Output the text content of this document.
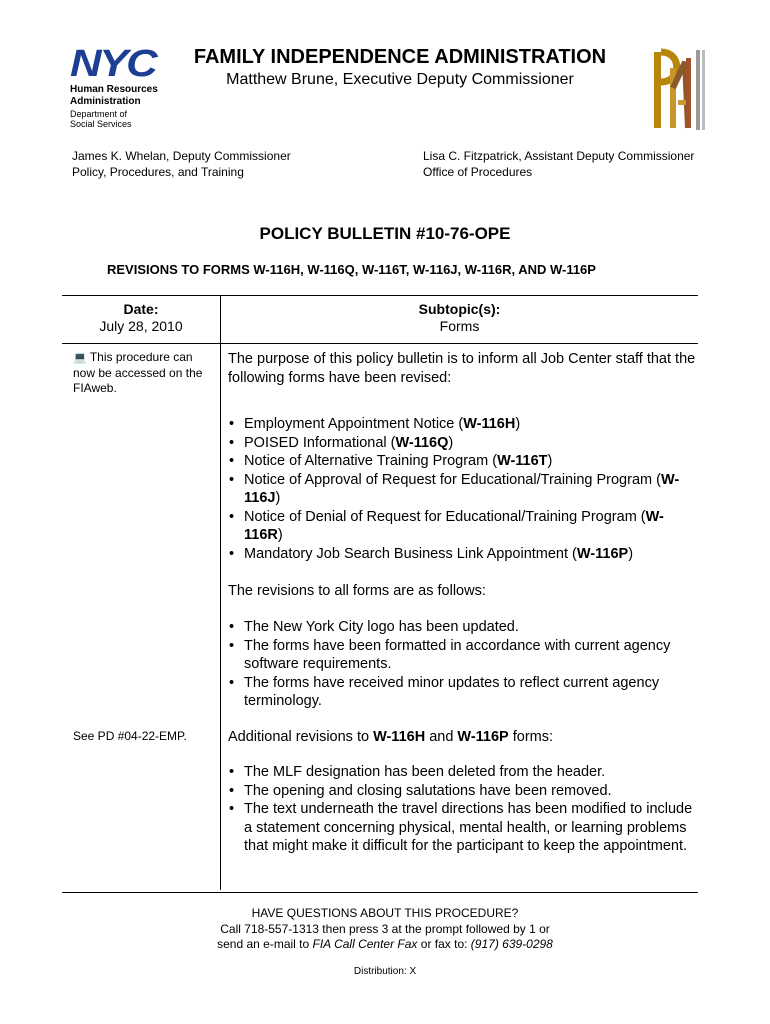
NYC
Human Resources
Administration
Department of
Social Services
FAMILY INDEPENDENCE ADMINISTRATION
Matthew Brune, Executive Deputy Commissioner
James K. Whelan, Deputy Commissioner
Policy, Procedures, and Training
Lisa C. Fitzpatrick, Assistant Deputy Commissioner
Office of Procedures
POLICY BULLETIN #10-76-OPE
REVISIONS TO FORMS W-116H, W-116Q, W-116T, W-116J, W-116R, AND W-116P
Date:
July 28, 2010
Subtopic(s):
Forms
💻 This procedure can now be accessed on the FIAweb.
See PD #04-22-EMP.
The purpose of this policy bulletin is to inform all Job Center staff that the following forms have been revised:
• Employment Appointment Notice (W-116H)
• POISED Informational (W-116Q)
• Notice of Alternative Training Program (W-116T)
• Notice of Approval of Request for Educational/Training Program (W-116J)
• Notice of Denial of Request for Educational/Training Program (W-116R)
• Mandatory Job Search Business Link Appointment (W-116P)
The revisions to all forms are as follows:
• The New York City logo has been updated.
• The forms have been formatted in accordance with current agency software requirements.
• The forms have received minor updates to reflect current agency terminology.
Additional revisions to W-116H and W-116P forms:
• The MLF designation has been deleted from the header.
• The opening and closing salutations have been removed.
• The text underneath the travel directions has been modified to include a statement concerning physical, mental health, or learning problems that might make it difficult for the participant to keep the appointment.
HAVE QUESTIONS ABOUT THIS PROCEDURE?
Call 718-557-1313 then press 3 at the prompt followed by 1 or
send an e-mail to FIA Call Center Fax or fax to: (917) 639-0298
Distribution: X
